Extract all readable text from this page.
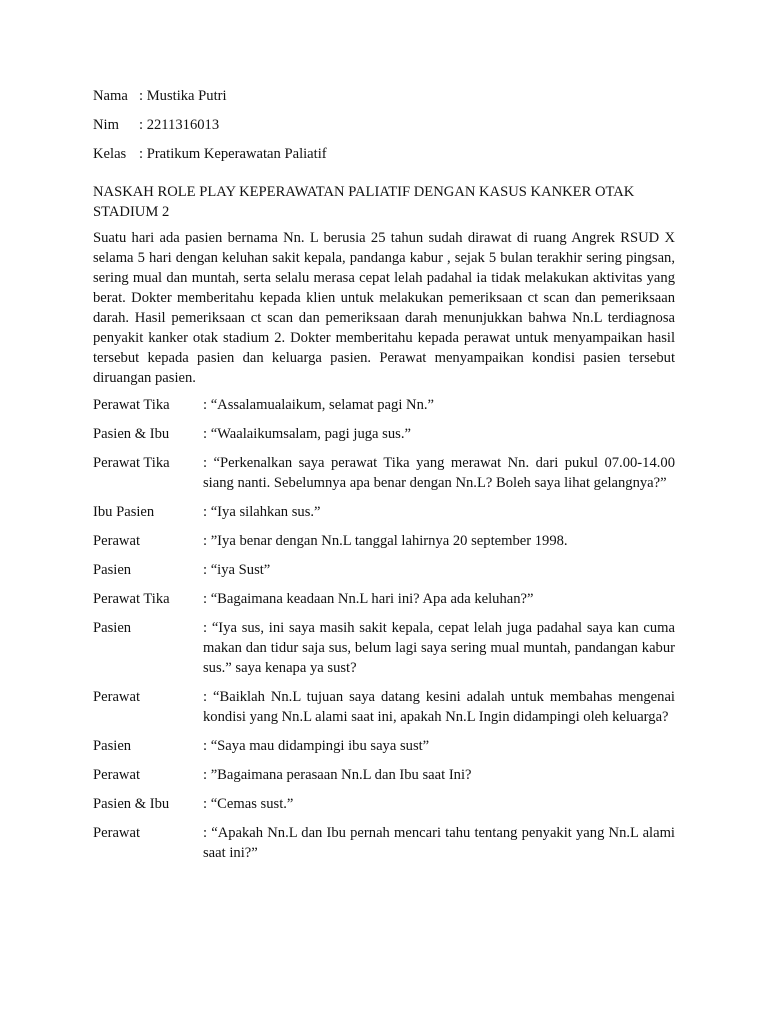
Nama : Mustika Putri
Nim	: 2211316013
Kelas : Pratikum Keperawatan Paliatif
NASKAH ROLE PLAY KEPERAWATAN PALIATIF DENGAN KASUS KANKER OTAK STADIUM 2
Suatu hari ada pasien bernama Nn. L berusia 25 tahun sudah dirawat di ruang Angrek RSUD X selama 5 hari dengan keluhan sakit kepala, pandanga kabur , sejak 5 bulan terakhir sering pingsan, sering mual dan muntah, serta selalu merasa cepat lelah padahal ia tidak melakukan aktivitas yang berat. Dokter memberitahu kepada klien untuk melakukan pemeriksaan ct scan dan pemeriksaan darah. Hasil pemeriksaan ct scan dan pemeriksaan darah menunjukkan bahwa Nn.L terdiagnosa penyakit kanker otak stadium 2. Dokter memberitahu kepada perawat untuk menyampaikan hasil tersebut kepada pasien dan keluarga pasien. Perawat menyampaikan kondisi pasien tersebut diruangan pasien.
Perawat Tika	: “Assalamualaikum, selamat pagi Nn.”
Pasien & Ibu	: “Waalaikumsalam, pagi juga sus.”
Perawat Tika	: “Perkenalkan saya perawat Tika yang merawat Nn. dari pukul 07.00-14.00 siang nanti. Sebelumnya apa benar dengan Nn.L? Boleh saya lihat gelangnya?”
Ibu Pasien	: “Iya silahkan sus.”
Perawat	: ”Iya benar dengan Nn.L tanggal lahirnya 20 september 1998.
Pasien	: “iya Sust”
Perawat Tika	: “Bagaimana keadaan Nn.L hari ini? Apa ada keluhan?”
Pasien	: “Iya sus, ini saya masih sakit kepala, cepat lelah juga padahal saya kan cuma makan dan tidur saja sus, belum lagi saya sering mual muntah, pandangan kabur sus.” saya kenapa ya sust?
Perawat	: “Baiklah Nn.L tujuan saya datang kesini adalah untuk membahas mengenai kondisi yang Nn.L alami saat ini, apakah Nn.L Ingin didampingi oleh keluarga?
Pasien	: “Saya mau didampingi ibu saya sust”
Perawat	: ”Bagaimana perasaan Nn.L dan Ibu saat Ini?
Pasien & Ibu	: “Cemas sust.”
Perawat	: “Apakah Nn.L dan Ibu pernah mencari tahu tentang penyakit yang Nn.L alami saat ini?”
